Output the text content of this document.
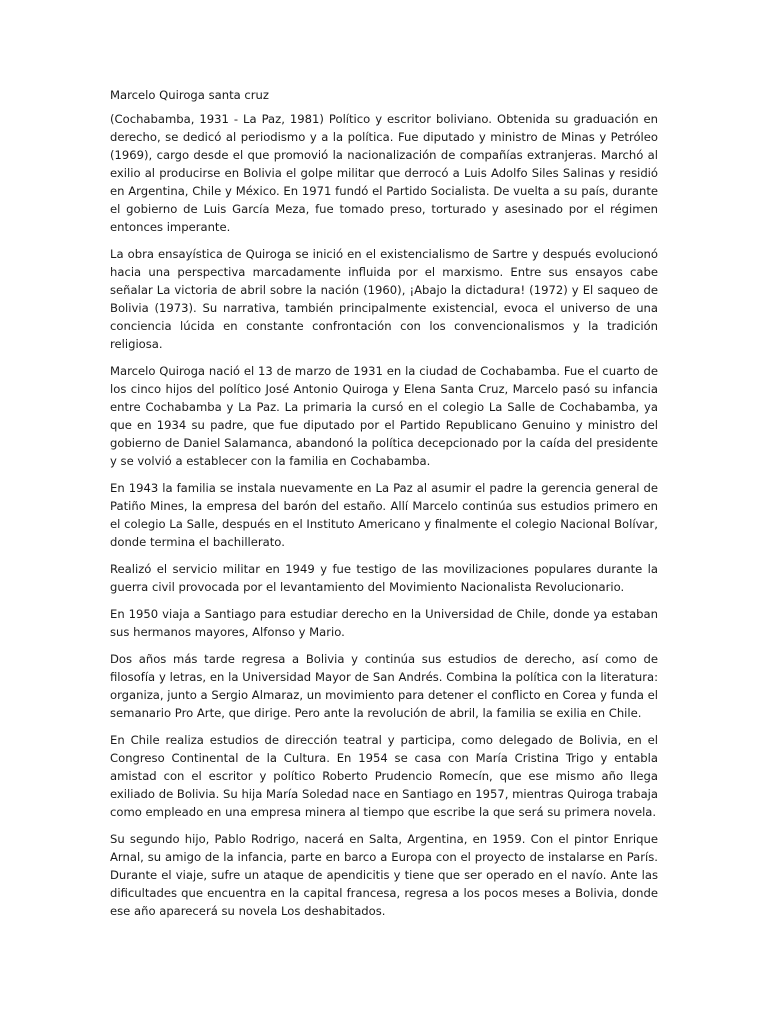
Marcelo Quiroga santa cruz

(Cochabamba, 1931 - La Paz, 1981) Político y escritor boliviano. Obtenida su graduación en derecho, se dedicó al periodismo y a la política. Fue diputado y ministro de Minas y Petróleo (1969), cargo desde el que promovió la nacionalización de compañías extranjeras. Marchó al exilio al producirse en Bolivia el golpe militar que derrocó a Luis Adolfo Siles Salinas y residió en Argentina, Chile y México. En 1971 fundó el Partido Socialista. De vuelta a su país, durante el gobierno de Luis García Meza, fue tomado preso, torturado y asesinado por el régimen entonces imperante.

La obra ensayística de Quiroga se inició en el existencialismo de Sartre y después evolucionó hacia una perspectiva marcadamente influida por el marxismo. Entre sus ensayos cabe señalar La victoria de abril sobre la nación (1960), ¡Abajo la dictadura! (1972) y El saqueo de Bolivia (1973). Su narrativa, también principalmente existencial, evoca el universo de una conciencia lúcida en constante confrontación con los convencionalismos y la tradición religiosa.

Marcelo Quiroga nació el 13 de marzo de 1931 en la ciudad de Cochabamba. Fue el cuarto de los cinco hijos del político José Antonio Quiroga y Elena Santa Cruz, Marcelo pasó su infancia entre Cochabamba y La Paz. La primaria la cursó en el colegio La Salle de Cochabamba, ya que en 1934 su padre, que fue diputado por el Partido Republicano Genuino y ministro del gobierno de Daniel Salamanca, abandonó la política decepcionado por la caída del presidente y se volvió a establecer con la familia en Cochabamba.

En 1943 la familia se instala nuevamente en La Paz al asumir el padre la gerencia general de Patiño Mines, la empresa del barón del estaño. Allí Marcelo continúa sus estudios primero en el colegio La Salle, después en el Instituto Americano y finalmente el colegio Nacional Bolívar, donde termina el bachillerato.

Realizó el servicio militar en 1949 y fue testigo de las movilizaciones populares durante la guerra civil provocada por el levantamiento del Movimiento Nacionalista Revolucionario.

En 1950 viaja a Santiago para estudiar derecho en la Universidad de Chile, donde ya estaban sus hermanos mayores, Alfonso y Mario.

Dos años más tarde regresa a Bolivia y continúa sus estudios de derecho, así como de filosofía y letras, en la Universidad Mayor de San Andrés. Combina la política con la literatura: organiza, junto a Sergio Almaraz, un movimiento para detener el conflicto en Corea y funda el semanario Pro Arte, que dirige. Pero ante la revolución de abril, la familia se exilia en Chile.

En Chile realiza estudios de dirección teatral y participa, como delegado de Bolivia, en el Congreso Continental de la Cultura. En 1954 se casa con María Cristina Trigo y entabla amistad con el escritor y político Roberto Prudencio Romecín, que ese mismo año llega exiliado de Bolivia. Su hija María Soledad nace en Santiago en 1957, mientras Quiroga trabaja como empleado en una empresa minera al tiempo que escribe la que será su primera novela.

Su segundo hijo, Pablo Rodrigo, nacerá en Salta, Argentina, en 1959. Con el pintor Enrique Arnal, su amigo de la infancia, parte en barco a Europa con el proyecto de instalarse en París. Durante el viaje, sufre un ataque de apendicitis y tiene que ser operado en el navío. Ante las dificultades que encuentra en la capital francesa, regresa a los pocos meses a Bolivia, donde ese año aparecerá su novela Los deshabitados.
